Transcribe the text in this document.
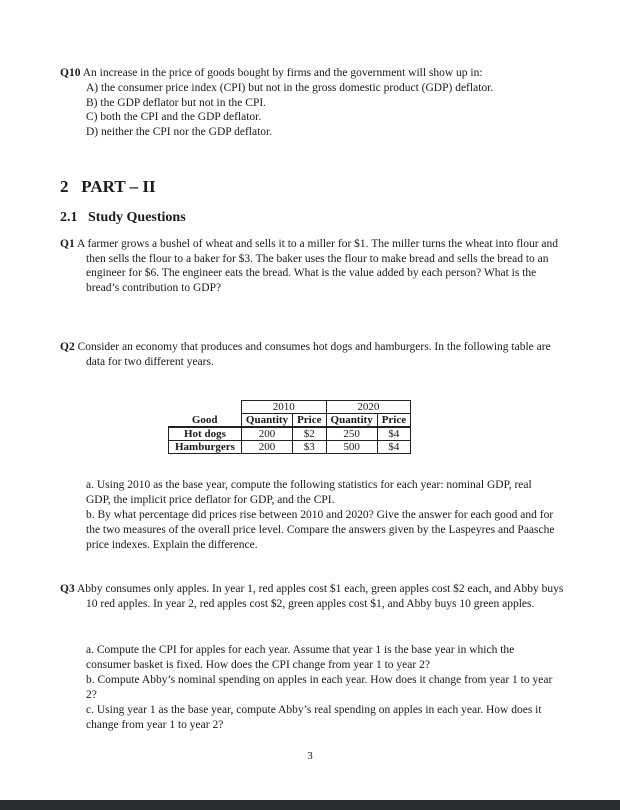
Q10 An increase in the price of goods bought by firms and the government will show up in:
A) the consumer price index (CPI) but not in the gross domestic product (GDP) deflator.
B) the GDP deflator but not in the CPI.
C) both the CPI and the GDP deflator.
D) neither the CPI nor the GDP deflator.
2 PART – II
2.1 Study Questions
Q1 A farmer grows a bushel of wheat and sells it to a miller for $1. The miller turns the wheat into flour and then sells the flour to a baker for $3. The baker uses the flour to make bread and sells the bread to an engineer for $6. The engineer eats the bread. What is the value added by each person? What is the bread’s contribution to GDP?
Q2 Consider an economy that produces and consumes hot dogs and hamburgers. In the following table are data for two different years.
	2010		2020	
Good	Quantity	Price	Quantity	Price
Hot dogs	200	$2	250	$4
Hamburgers	200	$3	500	$4

a. Using 2010 as the base year, compute the following statistics for each year: nominal GDP, real GDP, the implicit price deflator for GDP, and the CPI.

b. By what percentage did prices rise between 2010 and 2020? Give the answer for each good and for the two measures of the overall price level. Compare the answers given by the Laspeyres and Paasche price indexes. Explain the difference.

Q3 Abby consumes only apples. In year 1, red apples cost $1 each, green apples cost $2 each, and Abby buys 10 red apples. In year 2, red apples cost $2, green apples cost $1, and Abby buys 10 green apples.

a. Compute the CPI for apples for each year. Assume that year 1 is the base year in which the consumer basket is fixed. How does the CPI change from year 1 to year 2?

b. Compute Abby’s nominal spending on apples in each year. How does it change from year 1 to year 2?

c. Using year 1 as the base year, compute Abby’s real spending on apples in each year. How does it change from year 1 to year 2?

3
